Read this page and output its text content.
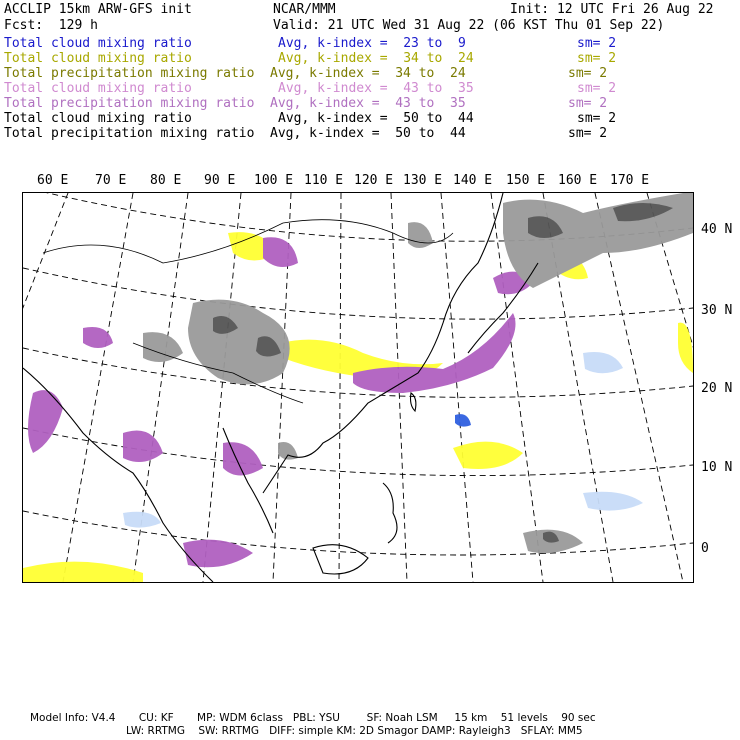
ACCLIP 15km ARW-GFS init	NCAR/MMM	Init: 12 UTC Fri 26 Aug 22
Fcst:  129 h	Valid: 21 UTC Wed 31 Aug 22 (06 KST Thu 01 Sep 22)
Total cloud mixing ratio	Avg, k-index =  23 to  9	sm= 2
Total cloud mixing ratio	Avg, k-index =  34 to  24	sm= 2
Total precipitation mixing ratio Avg, k-index =  34 to  24	sm= 2
Total cloud mixing ratio	Avg, k-index =  43 to  35	sm= 2
Total precipitation mixing ratio Avg, k-index =  43 to  35	sm= 2
Total cloud mixing ratio	Avg, k-index =  50 to  44	sm= 2
Total precipitation mixing ratio Avg, k-index =  50 to  44	sm= 2
60 E 70 E 80 E 90 E 100 E 110 E 120 E 130 E 140 E 150 E 160 E 170 E
40 N
30 N
20 N
10 N
0
Model Info: V4.4       CU: KF       MP: WDM 6class   PBL: YSU        SF: Noah LSM     15 km    51 levels    90 sec
LW: RRTMG    SW: RRTMG   DIFF: simple KM: 2D Smagor DAMP: Rayleigh3   SFLAY: MM5
